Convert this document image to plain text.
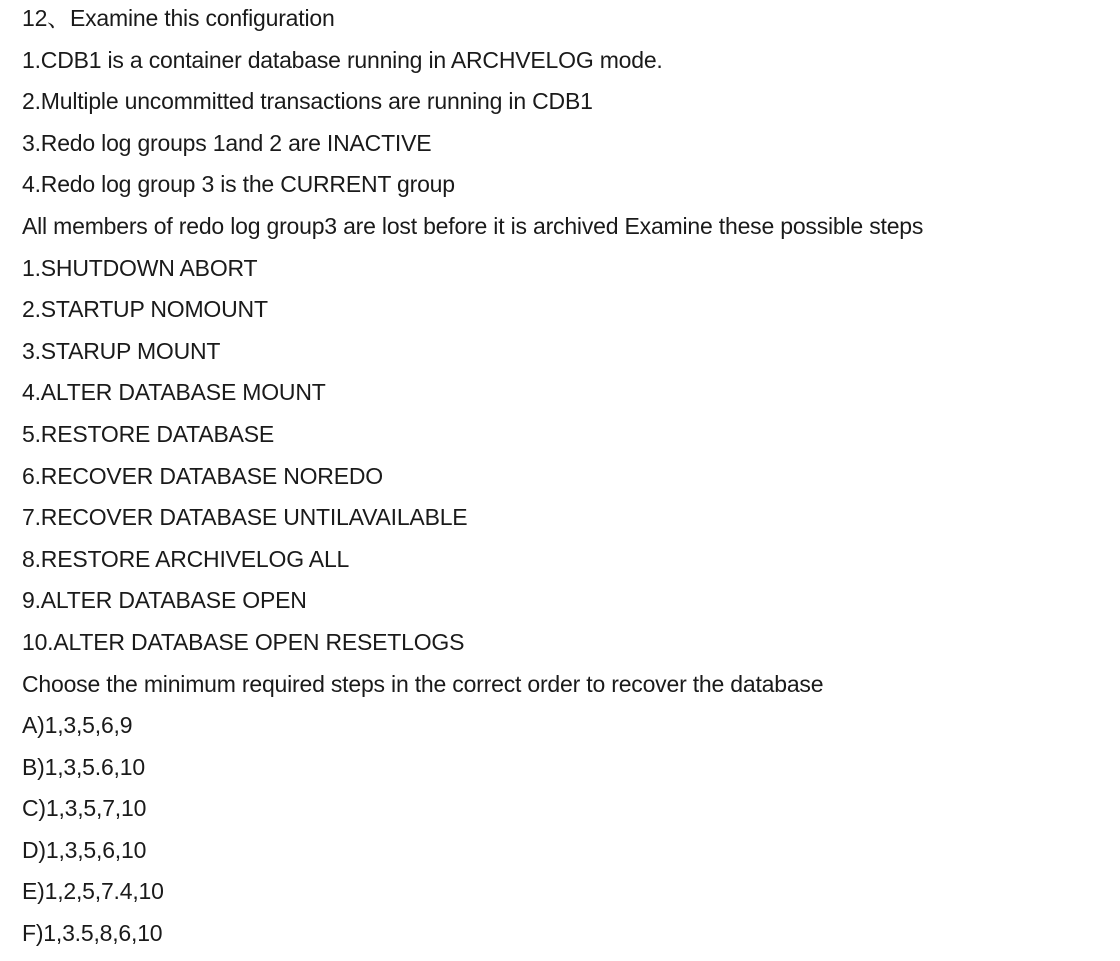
12、Examine this configuration
1.CDB1 is a container database running in ARCHVELOG mode.
2.Multiple uncommitted transactions are running in CDB1
3.Redo log groups 1and 2 are INACTIVE
4.Redo log group 3 is the CURRENT group
All members of redo log group3 are lost before it is archived Examine these possible steps
1.SHUTDOWN ABORT
2.STARTUP NOMOUNT
3.STARUP MOUNT
4.ALTER DATABASE MOUNT
5.RESTORE DATABASE
6.RECOVER DATABASE NOREDO
7.RECOVER DATABASE UNTILAVAILABLE
8.RESTORE ARCHIVELOG ALL
9.ALTER DATABASE OPEN
10.ALTER DATABASE OPEN RESETLOGS
Choose the minimum required steps in the correct order to recover the database
A)1,3,5,6,9
B)1,3,5.6,10
C)1,3,5,7,10
D)1,3,5,6,10
E)1,2,5,7.4,10
F)1,3.5,8,6,10
